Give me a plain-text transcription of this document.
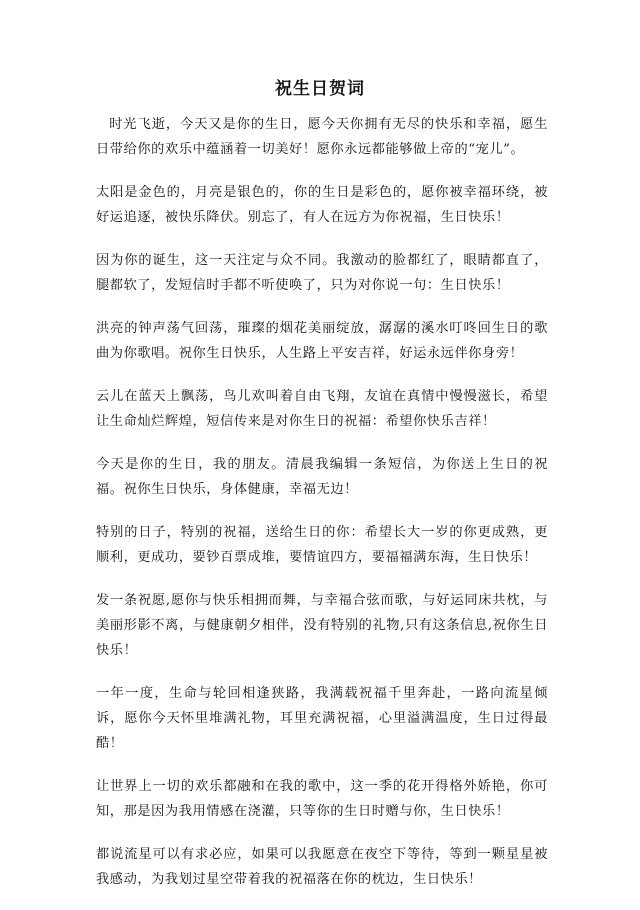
祝生日贺词

时光飞逝，今天又是你的生日，愿今天你拥有无尽的快乐和幸福，愿生日带给你的欢乐中蕴涵着一切美好！愿你永远都能够做上帝的“宠儿”。

太阳是金色的，月亮是银色的，你的生日是彩色的，愿你被幸福环绕，被好运追逐，被快乐降伏。别忘了，有人在远方为你祝福，生日快乐！

因为你的诞生，这一天注定与众不同。我激动的脸都红了，眼睛都直了，腿都软了，发短信时手都不听使唤了，只为对你说一句：生日快乐！

洪亮的钟声荡气回荡，璀璨的烟花美丽绽放，潺潺的溪水叮咚回生日的歌曲为你歌唱。祝你生日快乐，人生路上平安吉祥，好运永远伴你身旁！

云儿在蓝天上飘荡，鸟儿欢叫着自由飞翔，友谊在真情中慢慢滋长，希望让生命灿烂辉煌，短信传来是对你生日的祝福：希望你快乐吉祥！

今天是你的生日，我的朋友。清晨我编辑一条短信，为你送上生日的祝福。祝你生日快乐，身体健康，幸福无边！

特别的日子，特别的祝福，送给生日的你：希望长大一岁的你更成熟，更顺利，更成功，要钞百票成堆，要情谊四方，要福福满东海，生日快乐！

发一条祝愿,愿你与快乐相拥而舞，与幸福合弦而歌，与好运同床共枕，与美丽形影不离，与健康朝夕相伴，没有特别的礼物,只有这条信息,祝你生日快乐！

一年一度，生命与轮回相逢狭路，我满载祝福千里奔赴，一路向流星倾诉，愿你今天怀里堆满礼物，耳里充满祝福，心里溢满温度，生日过得最酷！

让世界上一切的欢乐都融和在我的歌中，这一季的花开得格外娇艳，你可知，那是因为我用情感在浇灌，只等你的生日时赠与你，生日快乐！

都说流星可以有求必应，如果可以我愿意在夜空下等待，等到一颗星星被我感动，为我划过星空带着我的祝福落在你的枕边，生日快乐！
